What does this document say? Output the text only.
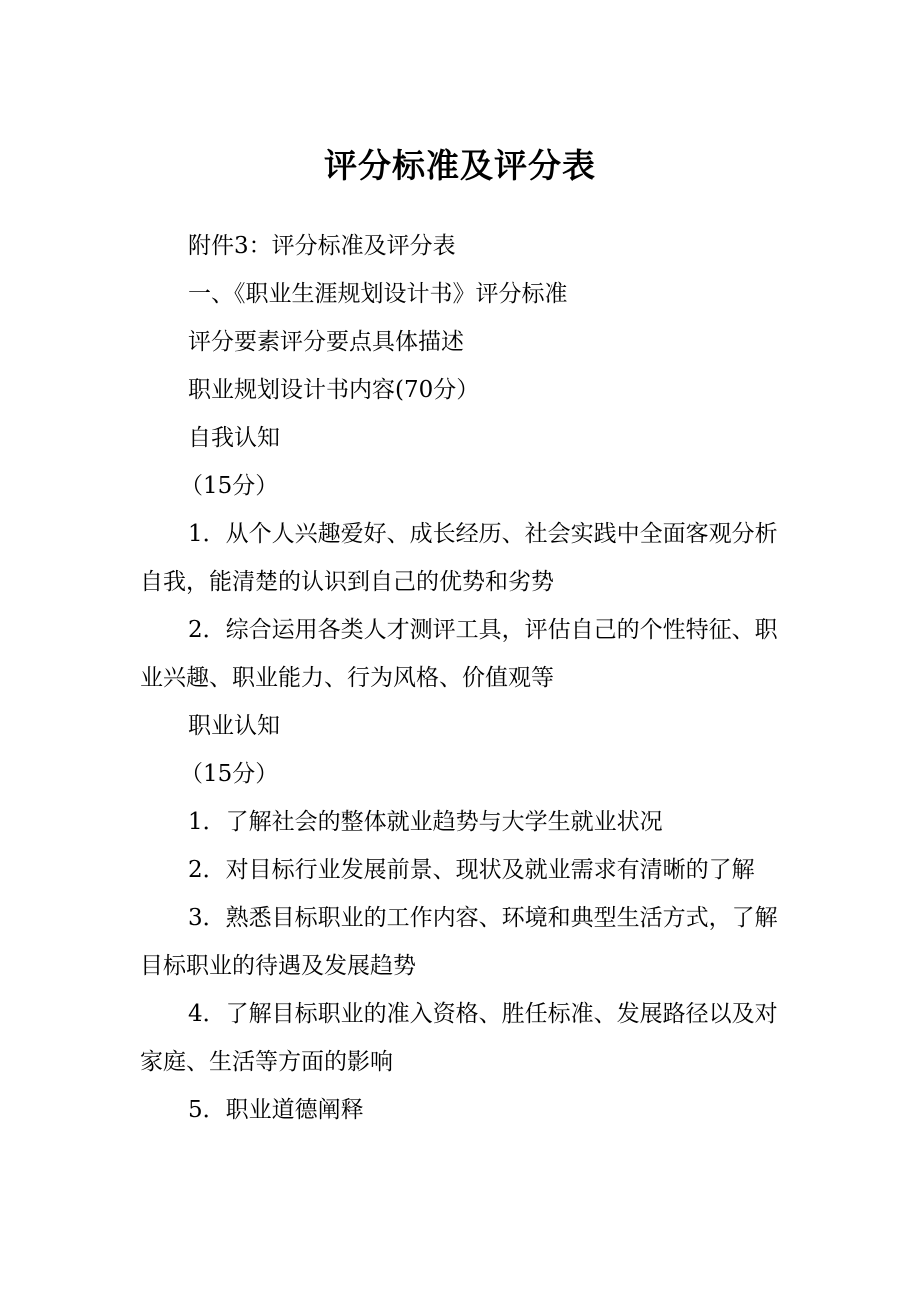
评分标准及评分表

附件3：评分标准及评分表

一、《职业生涯规划设计书》评分标准

评分要素评分要点具体描述

职业规划设计书内容(70分）

自我认知

（15分）

1．从个人兴趣爱好、成长经历、社会实践中全面客观分析自我，能清楚的认识到自己的优势和劣势

2．综合运用各类人才测评工具，评估自己的个性特征、职业兴趣、职业能力、行为风格、价值观等

职业认知

（15分）

1．了解社会的整体就业趋势与大学生就业状况

2．对目标行业发展前景、现状及就业需求有清晰的了解

3．熟悉目标职业的工作内容、环境和典型生活方式，了解目标职业的待遇及发展趋势

4．了解目标职业的准入资格、胜任标准、发展路径以及对家庭、生活等方面的影响

5．职业道德阐释
